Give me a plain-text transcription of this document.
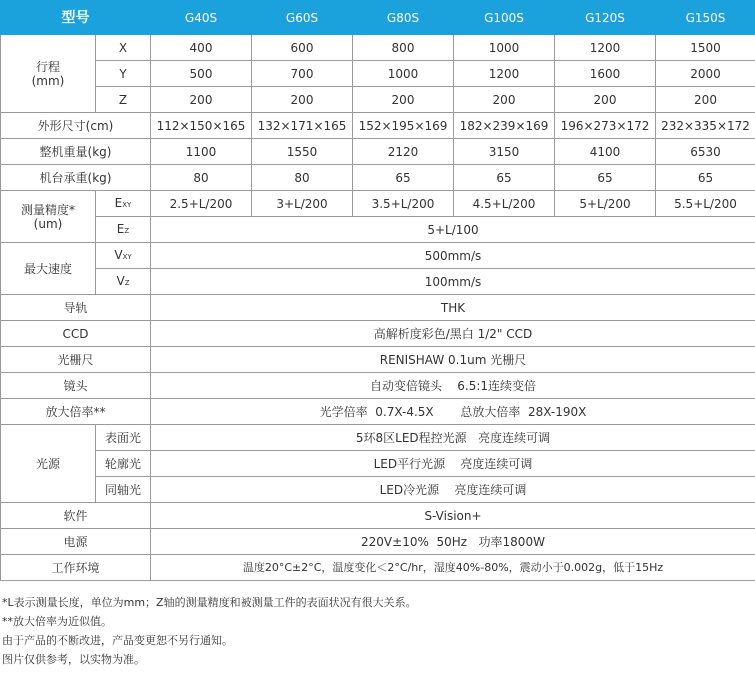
型号		G40S	G60S	G80S	G100S	G120S	G150S

行程
(mm)	X	400	600	800	1000	1200	1500
	Y	500	700	1000	1200	1600	2000
	Z	200	200	200	200	200	200
外形尺寸(cm)		112×150×165	132×171×165	152×195×169	182×239×169	196×273×172	232×335×172
整机重量(kg)		1100	1550	2120	3150	4100	6530
机台承重(kg)		80	80	65	65	65	65

测量精度*
(um)	EXY	2.5+L/200	3+L/200	3.5+L/200	4.5+L/200	5+L/200	5.5+L/200
	EZ	5+L/100					
最大速度	VXY	500mm/s					
	VZ	100mm/s					
导轨		THK					
CCD		高解析度彩色/黑白 1/2" CCD					
光栅尺		RENISHAW 0.1um 光栅尺					
镜头		自动变倍镜头    6.5:1连续变倍					
放大倍率**		光学倍率  0.7X-4.5X       总放大倍率  28X-190X					
光源	表面光	5环8区LED程控光源   亮度连续可调					
	轮廓光	LED平行光源    亮度连续可调					
	同轴光	LED冷光源    亮度连续可调					
软件		S-Vision+					
电源		220V±10%  50Hz   功率1800W					
工作环境		温度20°C±2°C，温度变化＜2°C/hr，湿度40%-80%，震动小于0.002g，低于15Hz					
*L表示测量长度，单位为mm；Z轴的测量精度和被测量工件的表面状况有很大关系。
**放大倍率为近似值。
由于产品的不断改进，产品变更恕不另行通知。
图片仅供参考，以实物为准。
